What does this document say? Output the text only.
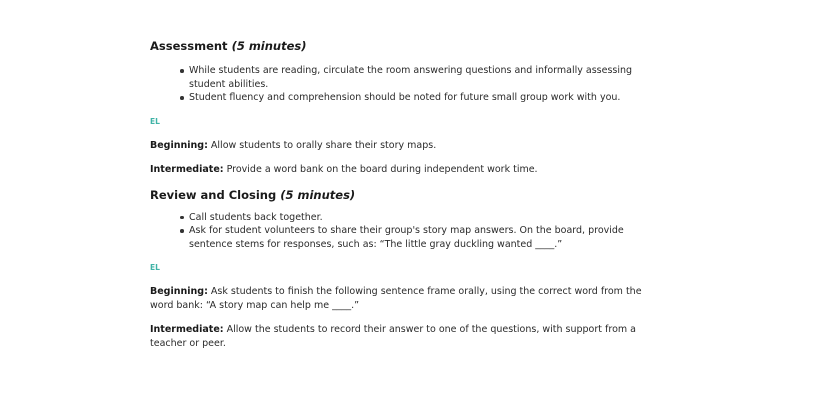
Assessment (5 minutes)
While students are reading, circulate the room answering questions and informally assessing student abilities.
Student fluency and comprehension should be noted for future small group work with you.

EL

Beginning: Allow students to orally share their story maps.

Intermediate: Provide a word bank on the board during independent work time.

Review and Closing (5 minutes)
Call students back together.
Ask for student volunteers to share their group's story map answers. On the board, provide sentence stems for responses, such as: “The little gray duckling wanted ____.”

EL

Beginning: Ask students to finish the following sentence frame orally, using the correct word from the word bank: “A story map can help me ____.”

Intermediate: Allow the students to record their answer to one of the questions, with support from a teacher or peer.
